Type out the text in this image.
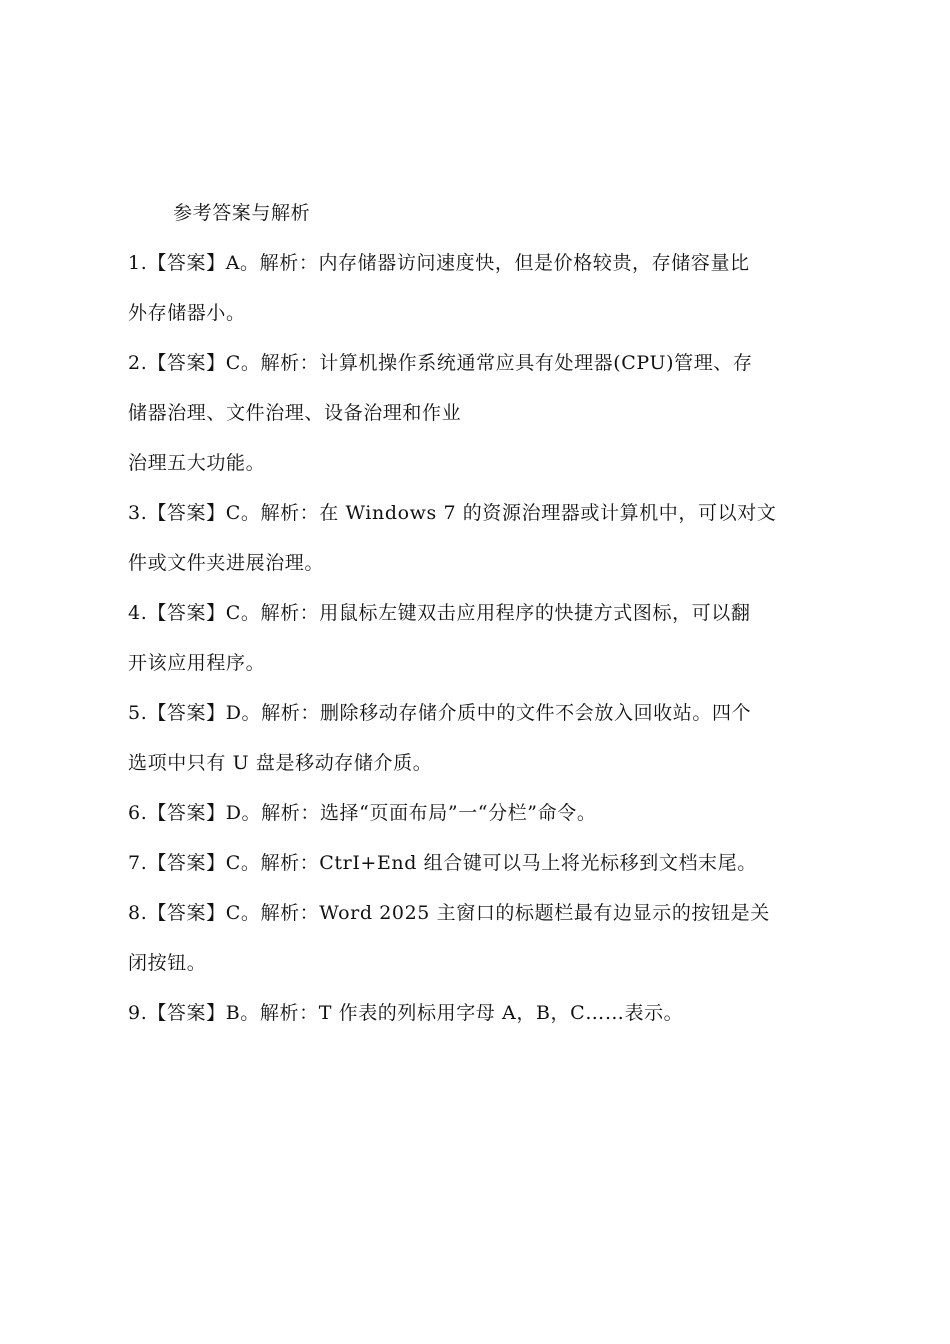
参考答案与解析

1.【答案】A。解析：内存储器访问速度快，但是价格较贵，存储容量比
外存储器小。
2.【答案】C。解析：计算机操作系统通常应具有处理器(CPU)管理、存
储器治理、文件治理、设备治理和作业
治理五大功能。
3.【答案】C。解析：在 Windows 7 的资源治理器或计算机中，可以对文
件或文件夹进展治理。
4.【答案】C。解析：用鼠标左键双击应用程序的快捷方式图标，可以翻
开该应用程序。
5.【答案】D。解析：删除移动存储介质中的文件不会放入回收站。四个
选项中只有 U 盘是移动存储介质。
6.【答案】D。解析：选择“页面布局”一“分栏”命令。
7.【答案】C。解析：CtrI+End 组合键可以马上将光标移到文档末尾。
8.【答案】C。解析：Word 2025 主窗口的标题栏最有边显示的按钮是关
闭按钮。
9.【答案】B。解析：T 作表的列标用字母 A，B，C……表示。
